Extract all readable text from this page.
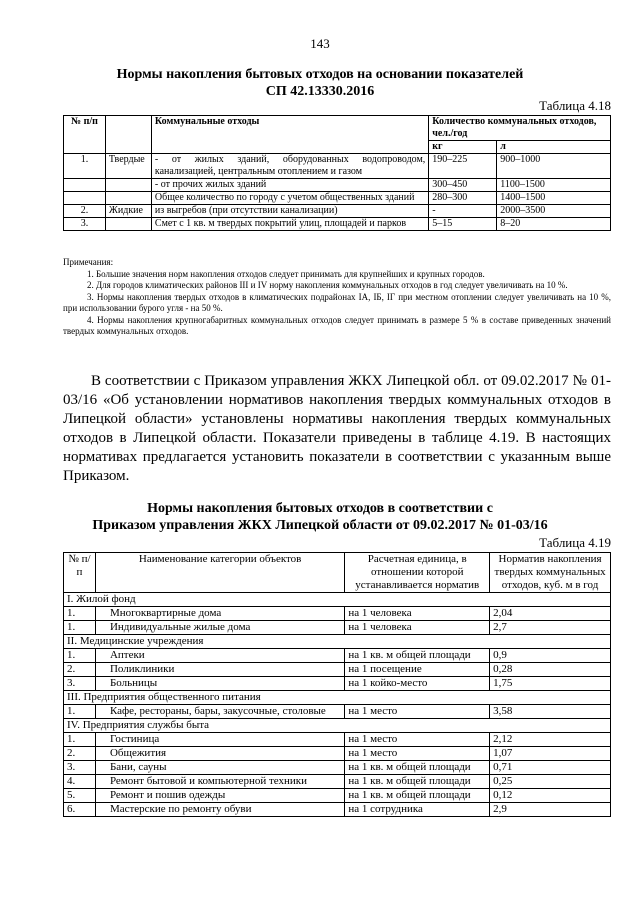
143
Нормы накопления бытовых отходов на основании показателей
СП 42.13330.2016
Таблица 4.18
№ п/п		Коммунальные отходы	Количество коммунальных отходов, чел./год	
			кг	л
1.	Твердые	- от жилых зданий, оборудованных водопроводом, канализацией, центральным отоплением и газом	190–225	900–1000
		- от прочих жилых зданий	300–450	1100–1500
		Общее количество по городу с учетом общественных зданий	280–300	1400–1500
2.	Жидкие	из выгребов (при отсутствии канализации)	-	2000–3500
3.		Смет с 1 кв. м твердых покрытий улиц, площадей и парков	5–15	8–20

Примечания:

1. Большие значения норм накопления отходов следует принимать для крупнейших и крупных городов.

2. Для городов климатических районов III и IV норму накопления коммунальных отходов в год следует увеличивать на 10 %.

3. Нормы накопления твердых отходов в климатических подрайонах IA, IБ, IГ при местном отоплении следует увеличивать на 10 %, при использовании бурого угля - на 50 %.

4. Нормы накопления крупногабаритных коммунальных отходов следует принимать в размере 5 % в составе приведенных значений твердых коммунальных отходов.

В соответствии с Приказом управления ЖКХ Липецкой обл. от 09.02.2017 № 01-03/16 «Об установлении нормативов накопления твердых коммунальных отходов в Липецкой области» установлены нормативы накопления твердых коммунальных отходов в Липецкой области. Показатели приведены в таблице 4.19. В настоящих нормативах предлагается установить показатели в соответствии с указанным выше Приказом.

Нормы накопления бытовых отходов в соответствии с
Приказом управления ЖКХ Липецкой области от 09.02.2017 № 01-03/16
Таблица 4.19
№ п/п	Наименование категории объектов	Расчетная единица, в отношении которой устанавливается норматив	Норматив накопления твердых коммунальных отходов, куб. м в год
I. Жилой фонд			
1.	Многоквартирные дома	на 1 человека	2,04
1.	Индивидуальные жилые дома	на 1 человека	2,7
II. Медицинские учреждения			
1.	Аптеки	на 1 кв. м общей площади	0,9
2.	Поликлиники	на 1 посещение	0,28
3.	Больницы	на 1 койко-место	1,75
III. Предприятия общественного питания			
1.	Кафе, рестораны, бары, закусочные, столовые	на 1 место	3,58
IV. Предприятия службы быта			
1.	Гостиница	на 1 место	2,12
2.	Общежития	на 1 место	1,07
3.	Бани, сауны	на 1 кв. м общей площади	0,71
4.	Ремонт бытовой и компьютерной техники	на 1 кв. м общей площади	0,25
5.	Ремонт и пошив одежды	на 1 кв. м общей площади	0,12
6.	Мастерские по ремонту обуви	на 1 сотрудника	2,9
